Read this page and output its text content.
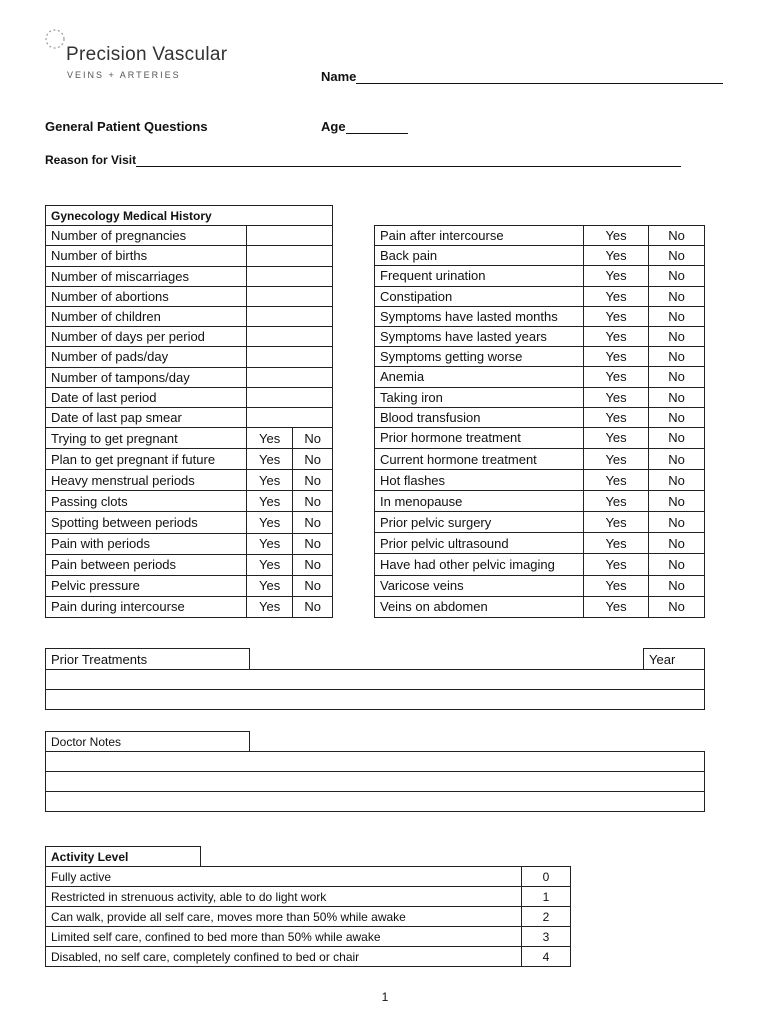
Precision Vascular
VEINS + ARTERIES	Name
General Patient Questions	Age
Reason for Visit
Gynecology Medical History		
Number of pregnancies		
Number of births		
Number of miscarriages		
Number of abortions		
Number of children		
Number of days per period		
Number of pads/day		
Number of tampons/day		
Date of last period		
Date of last pap smear		
Trying to get pregnant	Yes	No
Plan to get pregnant if future	Yes	No
Heavy menstrual periods	Yes	No
Passing clots	Yes	No
Spotting between periods	Yes	No
Pain with periods	Yes	No
Pain between periods	Yes	No
Pelvic pressure	Yes	No
Pain during intercourse	Yes	No
Pain after intercourse	Yes	No
Back pain	Yes	No
Frequent urination	Yes	No
Constipation	Yes	No
Symptoms have lasted months	Yes	No
Symptoms have lasted years	Yes	No
Symptoms getting worse	Yes	No
Anemia	Yes	No
Taking iron	Yes	No
Blood transfusion	Yes	No
Prior hormone treatment	Yes	No
Current hormone treatment	Yes	No
Hot flashes	Yes	No
In menopause	Yes	No
Prior pelvic surgery	Yes	No
Prior pelvic ultrasound	Yes	No
Have had other pelvic imaging	Yes	No
Varicose veins	Yes	No
Veins on abdomen	Yes	No
Prior Treatments		Year

Doctor Notes	

Activity Level		
Fully active		0
Restricted in strenuous activity, able to do light work		1
Can walk, provide all self care, moves more than 50% while awake		2
Limited self care, confined to bed more than 50% while awake		3
Disabled, no self care, completely confined to bed or chair		4
1
